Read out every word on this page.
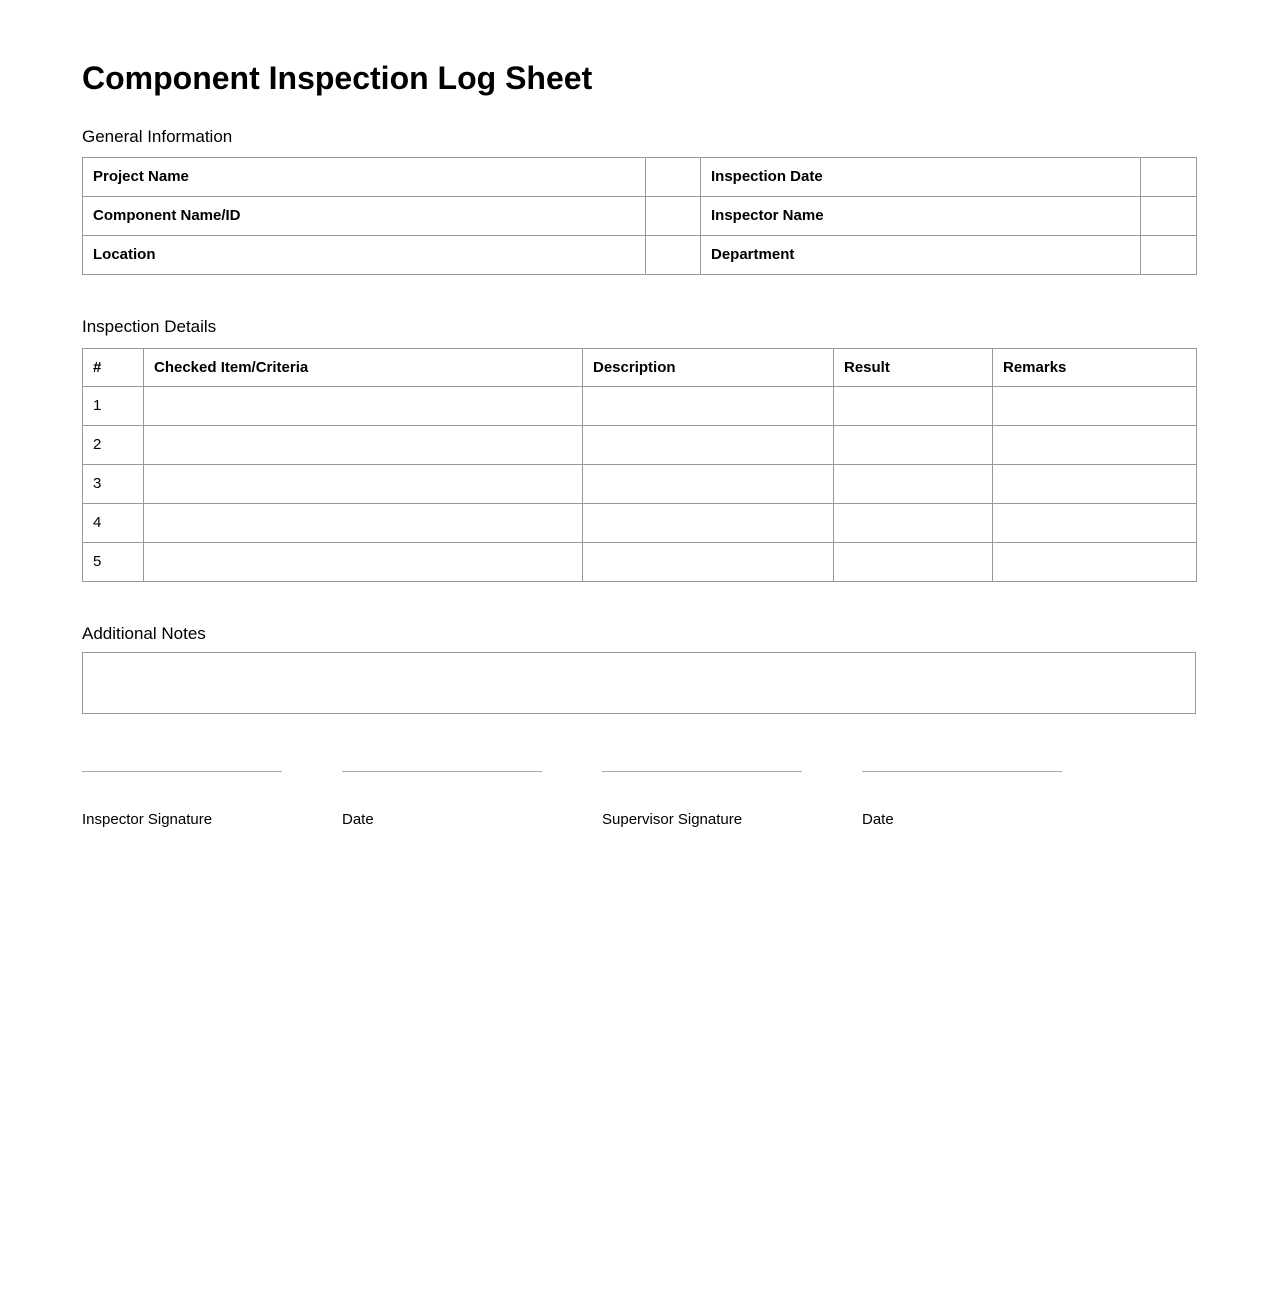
Component Inspection Log Sheet
General Information
Project Name		Inspection Date	
Component Name/ID		Inspector Name	
Location		Department	
Inspection Details
#	Checked Item/Criteria	Description	Result	Remarks
1				
2				
3				
4				
5				
Additional Notes
Inspector Signature	Date	Supervisor Signature	Date
